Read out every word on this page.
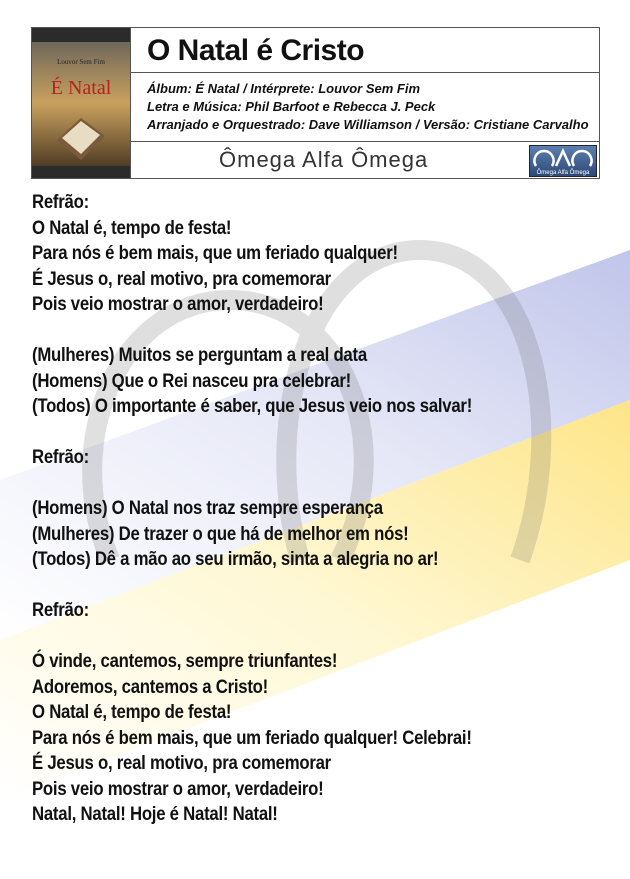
Louvor Sem Fim
É Natal
O Natal é Cristo
Álbum: É Natal / Intérprete: Louvor Sem Fim
Letra e Música: Phil Barfoot e Rebecca J. Peck
Arranjado e Orquestrado: Dave Williamson / Versão: Cristiane Carvalho
Ômega Alfa Ômega
Ômega Alfa Ômega
Refrão:
O Natal é, tempo de festa!
Para nós é bem mais, que um feriado qualquer!
É Jesus o, real motivo, pra comemorar
Pois veio mostrar o amor, verdadeiro!
(Mulheres) Muitos se perguntam a real data
(Homens) Que o Rei nasceu pra celebrar!
(Todos) O importante é saber, que Jesus veio nos salvar!
Refrão:
(Homens) O Natal nos traz sempre esperança
(Mulheres) De trazer o que há de melhor em nós!
(Todos) Dê a mão ao seu irmão, sinta a alegria no ar!
Refrão:
Ó vinde, cantemos, sempre triunfantes!
Adoremos, cantemos a Cristo!
O Natal é, tempo de festa!
Para nós é bem mais, que um feriado qualquer! Celebrai!
É Jesus o, real motivo, pra comemorar
Pois veio mostrar o amor, verdadeiro!
Natal, Natal! Hoje é Natal! Natal!
